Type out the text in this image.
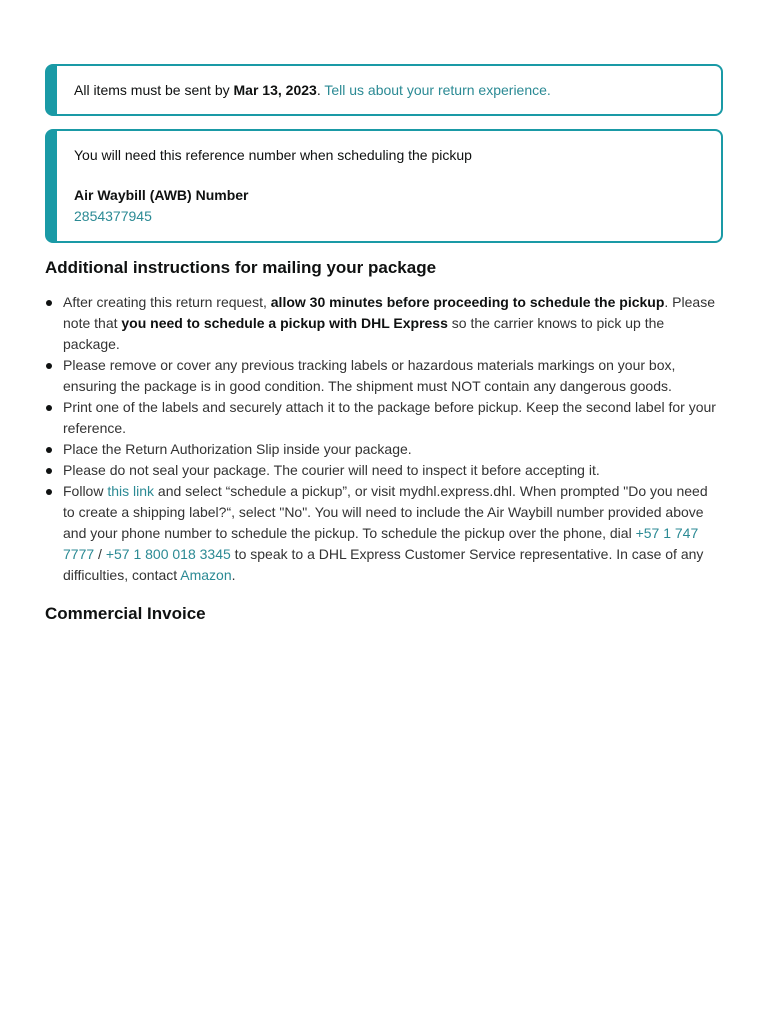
All items must be sent by Mar 13, 2023. Tell us about your return experience.
You will need this reference number when scheduling the pickup
Air Waybill (AWB) Number
2854377945
Additional instructions for mailing your package
After creating this return request, allow 30 minutes before proceeding to schedule the pickup. Please note that you need to schedule a pickup with DHL Express so the carrier knows to pick up the package.
Please remove or cover any previous tracking labels or hazardous materials markings on your box, ensuring the package is in good condition. The shipment must NOT contain any dangerous goods.
Print one of the labels and securely attach it to the package before pickup. Keep the second label for your reference.
Place the Return Authorization Slip inside your package.
Please do not seal your package. The courier will need to inspect it before accepting it.
Follow this link and select “schedule a pickup”, or visit mydhl.express.dhl. When prompted "Do you need to create a shipping label?“, select "No". You will need to include the Air Waybill number provided above and your phone number to schedule the pickup. To schedule the pickup over the phone, dial +57 1 747 7777 / +57 1 800 018 3345 to speak to a DHL Express Customer Service representative. In case of any difficulties, contact Amazon.
Commercial Invoice
